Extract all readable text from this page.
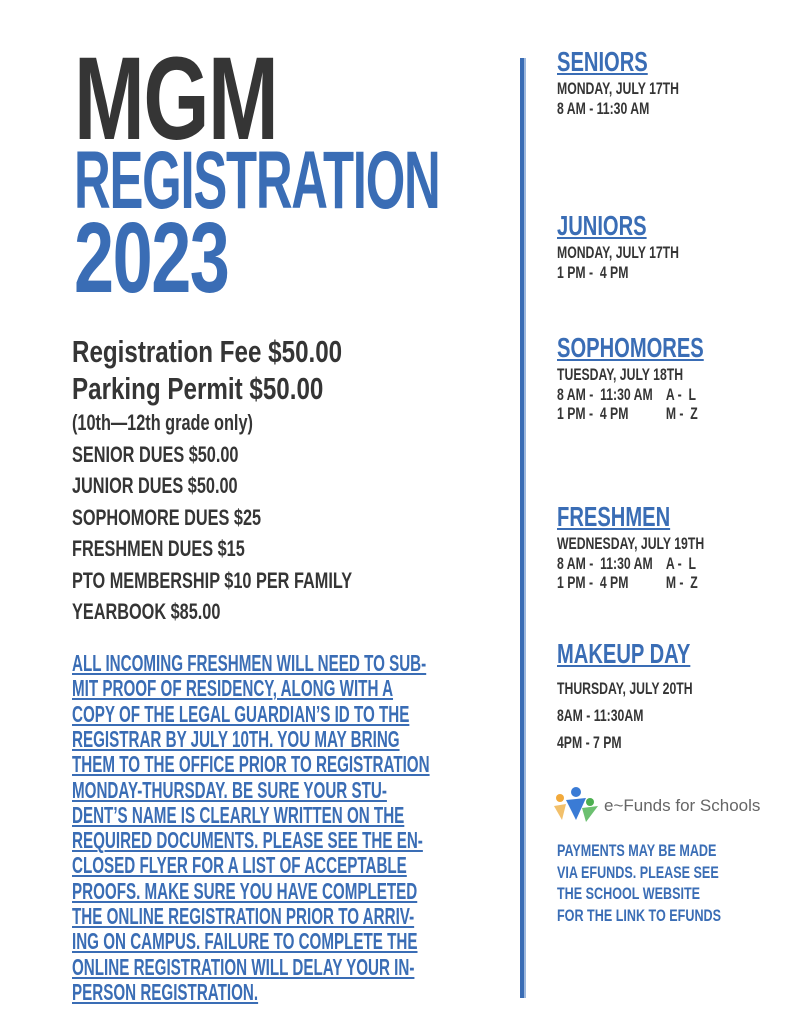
MGM
REGISTRATION
2023
e~Funds for Schools
Registration Fee $50.00
Parking Permit $50.00
(10th—12th grade only)
SENIOR DUES $50.00
JUNIOR DUES $50.00
SOPHOMORE DUES $25
FRESHMEN DUES $15
PTO MEMBERSHIP $10 PER FAMILY
YEARBOOK $85.00
ALL INCOMING FRESHMEN WILL NEED TO SUB-
MIT PROOF OF RESIDENCY, ALONG WITH A
COPY OF THE LEGAL GUARDIAN’S ID TO THE
REGISTRAR BY JULY 10TH. YOU MAY BRING
THEM TO THE OFFICE PRIOR TO REGISTRATION
MONDAY-THURSDAY. BE SURE YOUR STU-
DENT’S NAME IS CLEARLY WRITTEN ON THE
REQUIRED DOCUMENTS. PLEASE SEE THE EN-
CLOSED FLYER FOR A LIST OF ACCEPTABLE
PROOFS. MAKE SURE YOU HAVE COMPLETED
THE ONLINE REGISTRATION PRIOR TO ARRIV-
ING ON CAMPUS. FAILURE TO COMPLETE THE
ONLINE REGISTRATION WILL DELAY YOUR IN-
PERSON REGISTRATION.
SENIORS
MONDAY, JULY 17TH
8 AM - 11:30 AM
JUNIORS
MONDAY, JULY 17TH
1 PM -  4 PM
SOPHOMORES
TUESDAY, JULY 18TH
8 AM -  11:30 AM    A -  L
1 PM -  4 PM           M -  Z
FRESHMEN
WEDNESDAY, JULY 19TH
8 AM -  11:30 AM    A -  L
1 PM -  4 PM           M -  Z
MAKEUP DAY
THURSDAY, JULY 20TH
8AM - 11:30AM
4PM - 7 PM
PAYMENTS MAY BE MADE
VIA EFUNDS. PLEASE SEE
THE SCHOOL WEBSITE
FOR THE LINK TO EFUNDS
